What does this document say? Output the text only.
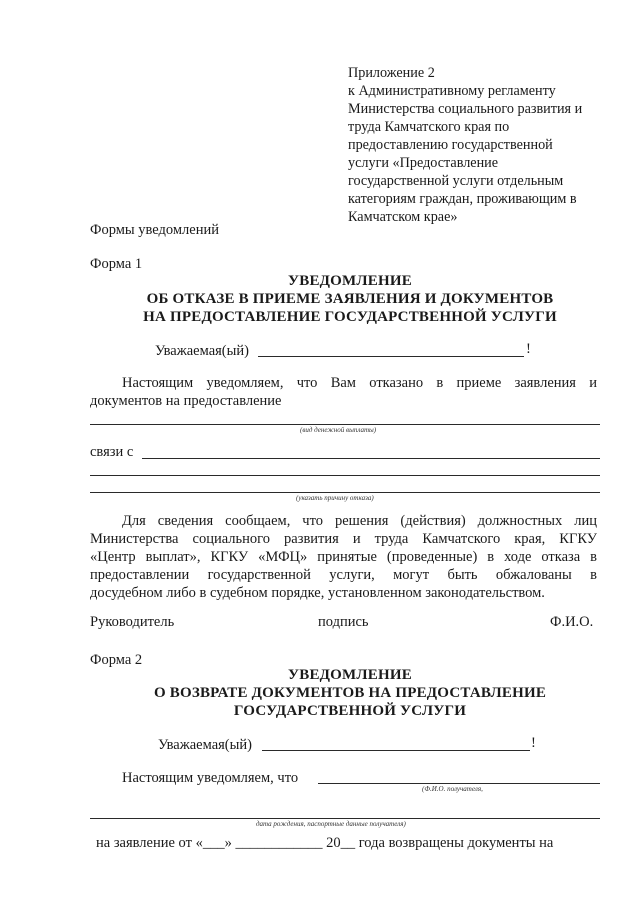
Приложение 2
к Административному регламенту
Министерства социального развития и
труда Камчатского края по
предоставлению государственной
услуги «Предоставление
государственной услуги отдельным
категориям граждан, проживающим в
Камчатском крае»
Формы уведомлений
Форма 1
УВЕДОМЛЕНИЕ
ОБ ОТКАЗЕ В ПРИЕМЕ ЗАЯВЛЕНИЯ И ДОКУМЕНТОВ
НА ПРЕДОСТАВЛЕНИЕ ГОСУДАРСТВЕННОЙ УСЛУГИ
Уважаемая(ый)	!
Настоящим уведомляем, что Вам отказано в приеме заявления и
документов на предоставление
(вид денежной выплаты)
связи с
(указать причину отказа)
Для сведения сообщаем, что решения (действия) должностных лиц
Министерства социального развития и труда Камчатского края, КГКУ
«Центр выплат», КГКУ «МФЦ» принятые (проведенные) в ходе отказа в
предоставлении государственной услуги, могут быть обжалованы в
досудебном либо в судебном порядке, установленном законодательством.
Руководитель	подпись	Ф.И.О.
Форма 2
УВЕДОМЛЕНИЕ
О ВОЗВРАТЕ ДОКУМЕНТОВ НА ПРЕДОСТАВЛЕНИЕ
ГОСУДАРСТВЕННОЙ УСЛУГИ
Уважаемая(ый)	!
Настоящим уведомляем, что
(Ф.И.О. получателя,
дата рождения, паспортные данные получателя)
на заявление от «___» ____________ 20__ года возвращены документы на
